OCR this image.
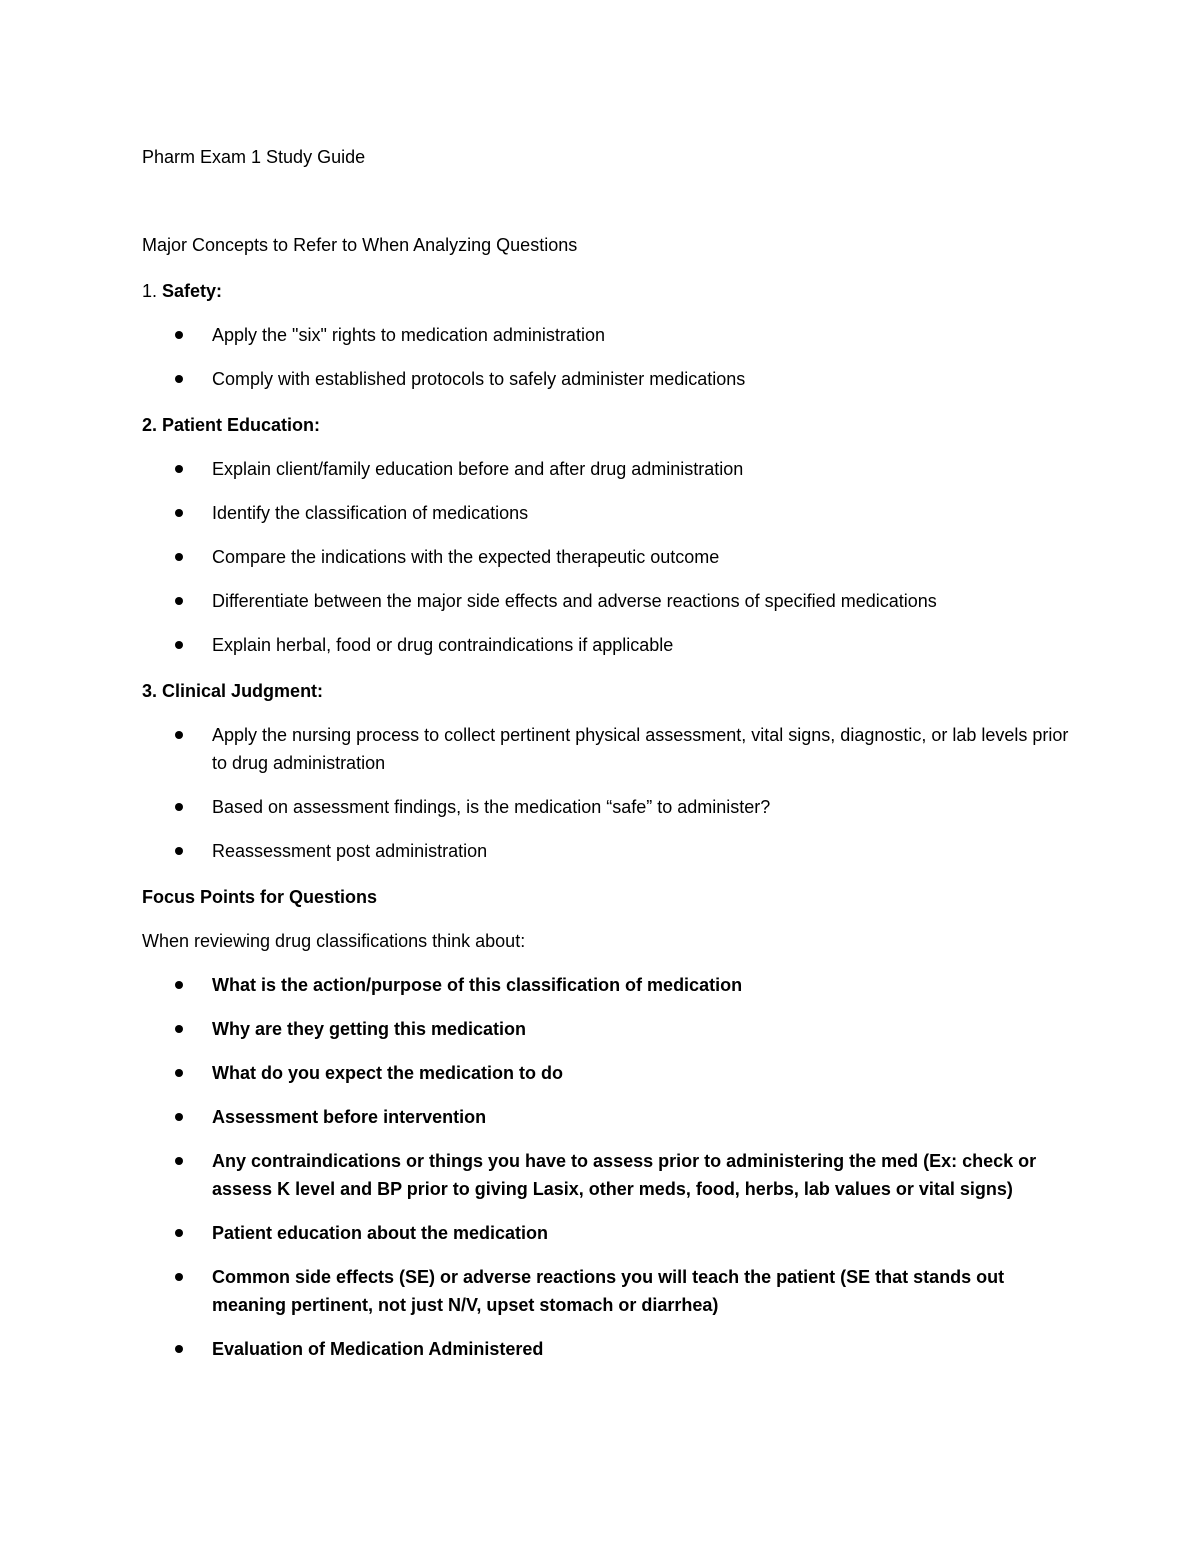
Pharm Exam 1 Study Guide

Major Concepts to Refer to When Analyzing Questions

1. Safety:

Apply the "six" rights to medication administration
Comply with established protocols to safely administer medications

2. Patient Education:

Explain client/family education before and after drug administration
Identify the classification of medications
Compare the indications with the expected therapeutic outcome
Differentiate between the major side effects and adverse reactions of specified medications
Explain herbal, food or drug contraindications if applicable

3. Clinical Judgment:

Apply the nursing process to collect pertinent physical assessment, vital signs, diagnostic, or lab levels prior to drug administration
Based on assessment findings, is the medication “safe” to administer?
Reassessment post administration

Focus Points for Questions

When reviewing drug classifications think about:

What is the action/purpose of this classification of medication
Why are they getting this medication
What do you expect the medication to do
Assessment before intervention
Any contraindications or things you have to assess prior to administering the med (Ex: check or assess K level and BP prior to giving Lasix, other meds, food, herbs, lab values or vital signs)
Patient education about the medication
Common side effects (SE) or adverse reactions you will teach the patient (SE that stands out meaning pertinent, not just N/V, upset stomach or diarrhea)
Evaluation of Medication Administered
